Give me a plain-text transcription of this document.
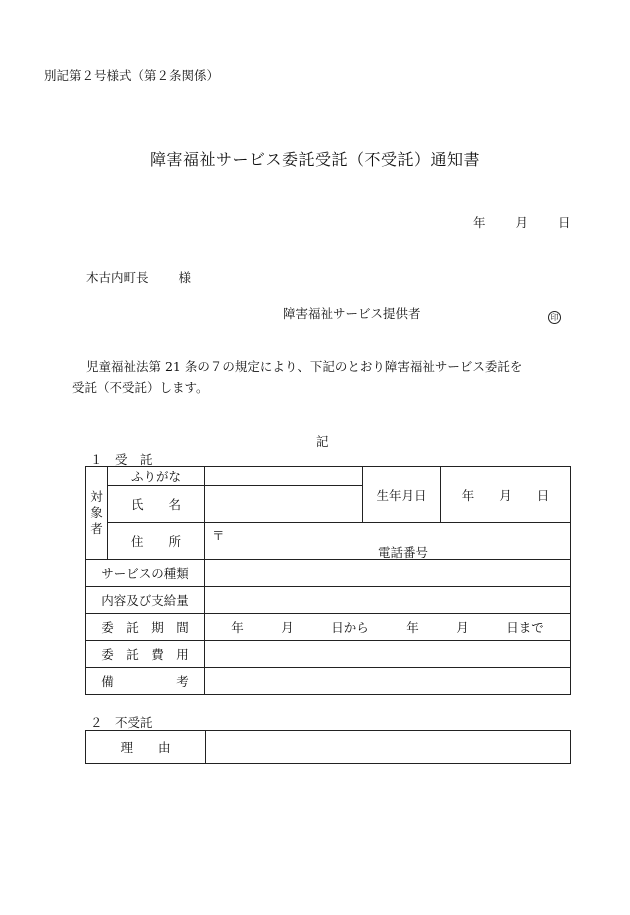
別記第２号様式（第２条関係）
障害福祉サービス委託受託（不受託）通知書
年 月 日
木古内町長 様
障害福祉サービス提供者	印
児童福祉法第 21 条の７の規定により、下記のとおり障害福祉サービス委託を
受託（不受託）します。
記
１　受　託
対
象
者	ふりがな		生年月日	年　　月　　日
	氏　　名			
	住　　所	〒
電話番号		

サービスの種類				
内容及び支給量				
委　託　期　間		年　　　月　　　日から　　　年　　　月　　　日まで		
委　託　費　用				
備　　　　　考				
２　不受託
理　　由	
